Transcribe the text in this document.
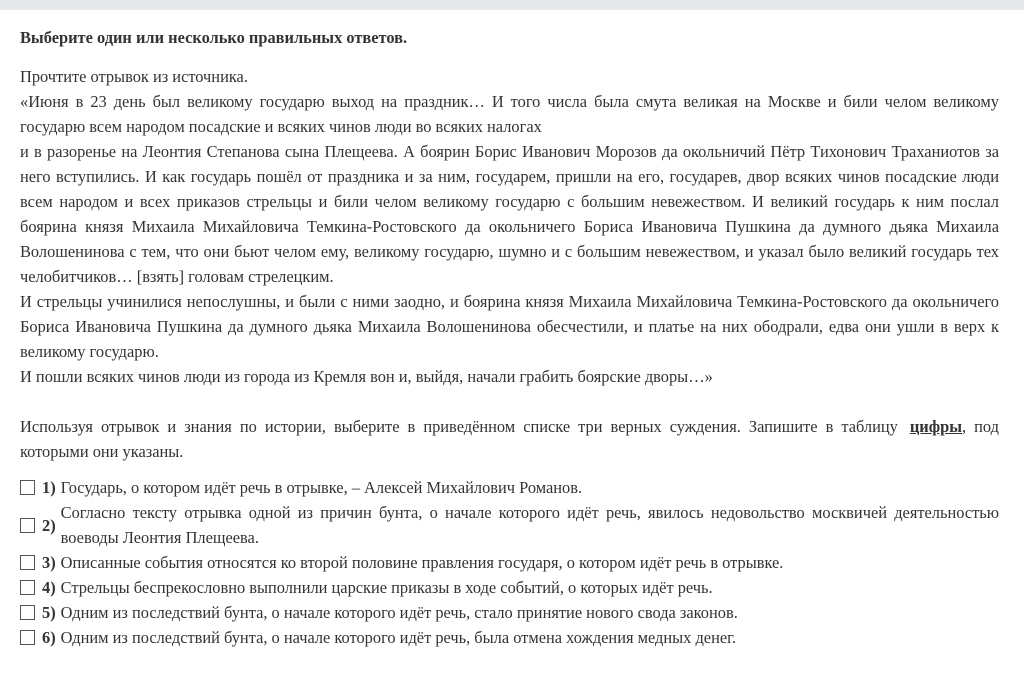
Выберите один или несколько правильных ответов.

Прочтите отрывок из источника.

«Июня в 23 день был великому государю выход на праздник… И того числа была смута великая на Москве и били челом великому государю всем народом посадские и всяких чинов люди во всяких налогах

и в разоренье на Леонтия Степанова сына Плещеева. А боярин Борис Иванович Морозов да окольничий Пётр Тихонович Траханиотов за него вступились. И как государь пошёл от праздника и за ним, государем, пришли на его, государев, двор всяких чинов посадские люди всем народом и всех приказов стрельцы и били челом великому государю с большим невежеством. И великий государь к ним послал боярина князя Михаила Михайловича Темкина-Ростовского да окольничего Бориса Ивановича Пушкина да думного дьяка Михаила Волошенинова с тем, что они бьют челом ему, великому государю, шумно и с большим невежеством, и указал было великий государь тех челобитчиков… [взять] головам стрелецким.

И стрельцы учинилися непослушны, и были с ними заодно, и боярина князя Михаила Михайловича Темкина-Ростовского да окольничего Бориса Ивановича Пушкина да думного дьяка Михаила Волошенинова обесчестили, и платье на них ободрали, едва они ушли в верх к великому государю.

И пошли всяких чинов люди из города из Кремля вон и, выйдя, начали грабить боярские дворы…»

Используя отрывок и знания по истории, выберите в приведённом списке три верных суждения. Запишите в таблицу цифры, под которыми они указаны.

1) Государь, о котором идёт речь в отрывке, – Алексей Михайлович Романов.
2)
Согласно тексту отрывка одной из причин бунта, о начале которого идёт речь, явилось недовольство москвичей деятельностью воеводы Леонтия Плещеева.
3) Описанные события относятся ко второй половине правления государя, о котором идёт речь в отрывке.
4) Стрельцы беспрекословно выполнили царские приказы в ходе событий, о которых идёт речь.
5) Одним из последствий бунта, о начале которого идёт речь, стало принятие нового свода законов.
6) Одним из последствий бунта, о начале которого идёт речь, была отмена хождения медных денег.
